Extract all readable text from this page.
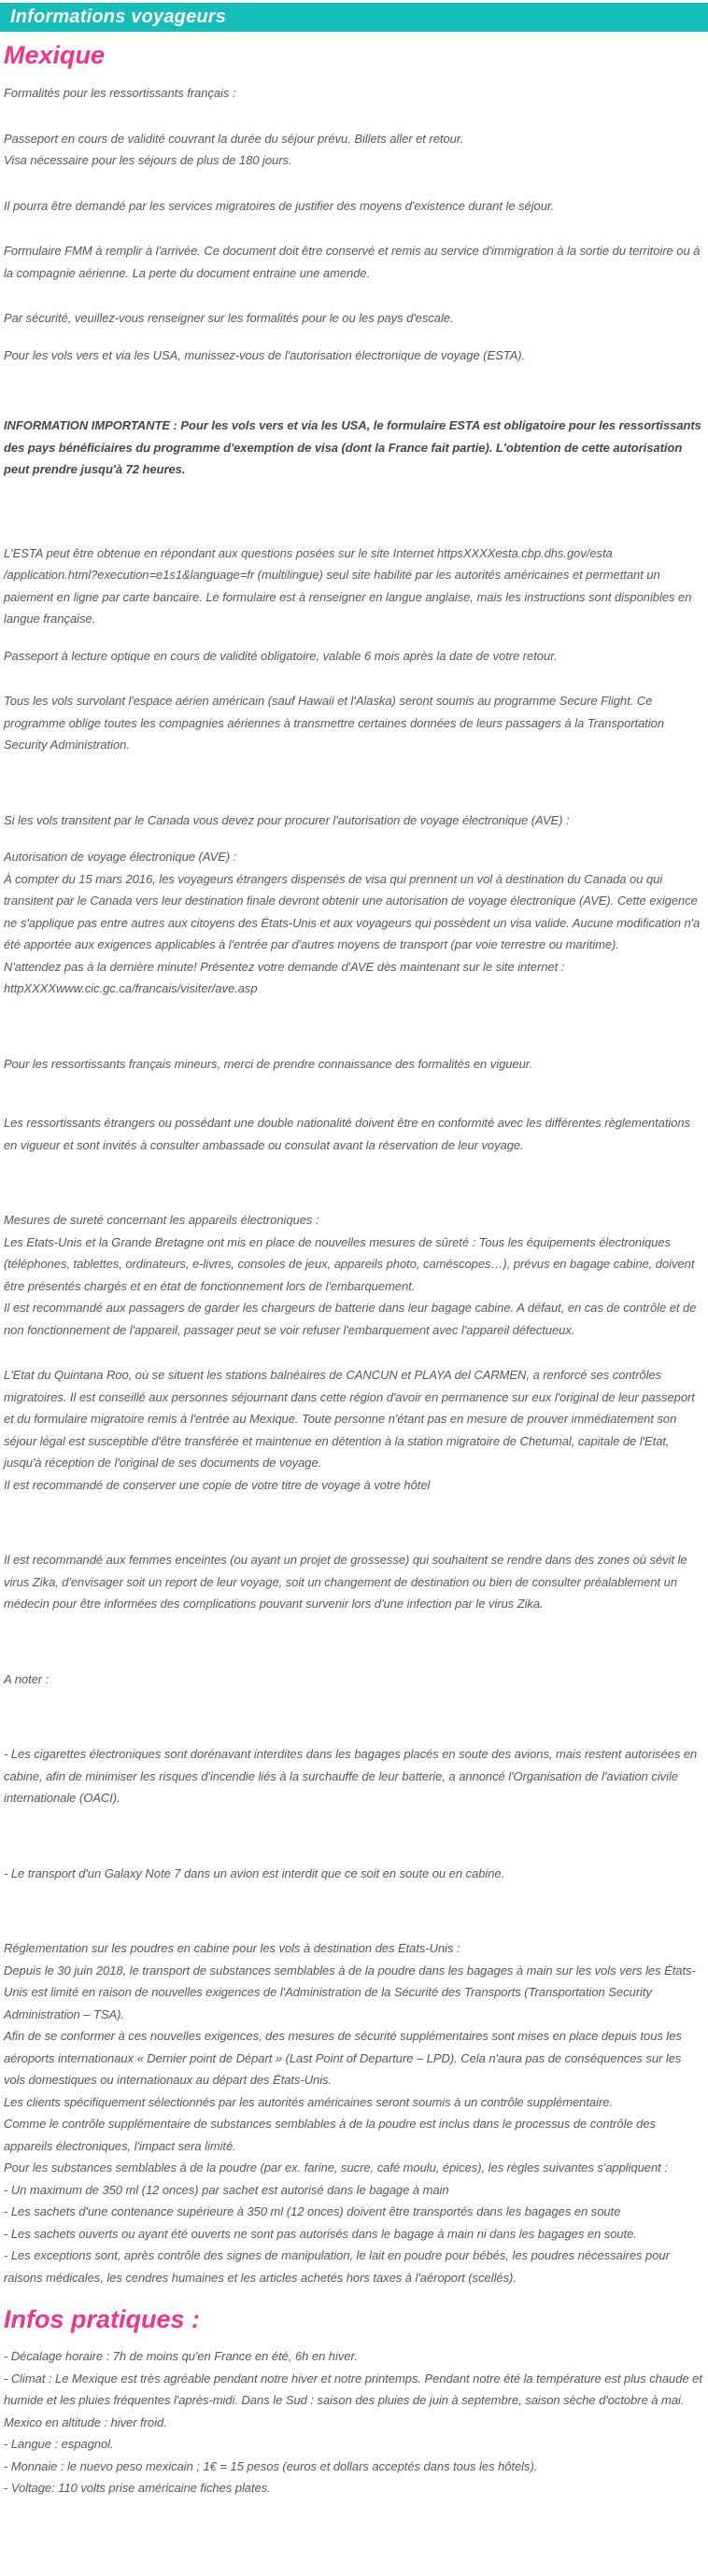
Informations voyageurs
Mexique

Formalités pour les ressortissants français :

Passeport en cours de validité couvrant la durée du séjour prévu. Billets aller et retour.

Visa nécessaire pour les séjours de plus de 180 jours.

Il pourra être demandé par les services migratoires de justifier des moyens d'existence durant le séjour.

Formulaire FMM à remplir à l'arrivée. Ce document doit être conservé et remis au service d'immigration à la sortie du territoire ou à la compagnie aérienne. La perte du document entraine une amende.

Par sécurité, veuillez-vous renseigner sur les formalités pour le ou les pays d'escale.

Pour les vols vers et via les USA, munissez-vous de l'autorisation électronique de voyage (ESTA).

INFORMATION IMPORTANTE : Pour les vols vers et via les USA, le formulaire ESTA est obligatoire pour les ressortissants des pays bénéficiaires du programme d'exemption de visa (dont la France fait partie). L'obtention de cette autorisation peut prendre jusqu'à 72 heures.

L'ESTA peut être obtenue en répondant aux questions posées sur le site Internet httpsXXXXesta.cbp.dhs.gov/esta /application.html?execution=e1s1&language=fr (multilingue) seul site habilité par les autorités américaines et permettant un paiement en ligne par carte bancaire. Le formulaire est à renseigner en langue anglaise, mais les instructions sont disponibles en langue française.

Passeport à lecture optique en cours de validité obligatoire, valable 6 mois après la date de votre retour.

Tous les vols survolant l'espace aérien américain (sauf Hawaii et l'Alaska) seront soumis au programme Secure Flight. Ce programme oblige toutes les compagnies aériennes à transmettre certaines données de leurs passagers à la Transportation Security Administration.

Si les vols transitent par le Canada vous devez pour procurer l'autorisation de voyage électronique (AVE) :

Autorisation de voyage électronique (AVE) :

À compter du 15 mars 2016, les voyageurs étrangers dispensés de visa qui prennent un vol à destination du Canada ou qui transitent par le Canada vers leur destination finale devront obtenir une autorisation de voyage électronique (AVE). Cette exigence ne s'applique pas entre autres aux citoyens des États-Unis et aux voyageurs qui possèdent un visa valide. Aucune modification n'a été apportée aux exigences applicables à l'entrée par d'autres moyens de transport (par voie terrestre ou maritime).

N'attendez pas à la dernière minute! Présentez votre demande d'AVE dès maintenant sur le site internet :

httpXXXXwww.cic.gc.ca/francais/visiter/ave.asp

Pour les ressortissants français mineurs, merci de prendre connaissance des formalités en vigueur.

Les ressortissants étrangers ou possédant une double nationalité doivent être en conformité avec les différentes règlementations en vigueur et sont invités à consulter ambassade ou consulat avant la réservation de leur voyage.

Mesures de sureté concernant les appareils électroniques :

Les Etats-Unis et la Grande Bretagne ont mis en place de nouvelles mesures de sûreté : Tous les équipements électroniques (téléphones, tablettes, ordinateurs, e-livres, consoles de jeux, appareils photo, caméscopes…), prévus en bagage cabine, doivent être présentés chargés et en état de fonctionnement lors de l'embarquement.

Il est recommandé aux passagers de garder les chargeurs de batterie dans leur bagage cabine. A défaut, en cas de contrôle et de non fonctionnement de l'appareil, passager peut se voir refuser l'embarquement avec l'appareil défectueux.

L'Etat du Quintana Roo, où se situent les stations balnéaires de CANCUN et PLAYA del CARMEN, a renforcé ses contrôles migratoires. Il est conseillé aux personnes séjournant dans cette région d'avoir en permanence sur eux l'original de leur passeport et du formulaire migratoire remis à l'entrée au Mexique. Toute personne n'étant pas en mesure de prouver immédiatement son séjour légal est susceptible d'être transférée et maintenue en détention à la station migratoire de Chetumal, capitale de l'Etat, jusqu'à réception de l'original de ses documents de voyage.

Il est recommandé de conserver une copie de votre titre de voyage à votre hôtel

Il est recommandé aux femmes enceintes (ou ayant un projet de grossesse) qui souhaitent se rendre dans des zones où sévit le virus Zika, d'envisager soit un report de leur voyage, soit un changement de destination ou bien de consulter préalablement un médecin pour être informées des complications pouvant survenir lors d'une infection par le virus Zika.

A noter :

- Les cigarettes électroniques sont dorénavant interdites dans les bagages placés en soute des avions, mais restent autorisées en cabine, afin de minimiser les risques d'incendie liés à la surchauffe de leur batterie, a annoncé l'Organisation de l'aviation civile internationale (OACI).

- Le transport d'un Galaxy Note 7 dans un avion est interdit que ce soit en soute ou en cabine.

Réglementation sur les poudres en cabine pour les vols à destination des Etats-Unis :

Depuis le 30 juin 2018, le transport de substances semblables à de la poudre dans les bagages à main sur les vols vers les États-Unis est limité en raison de nouvelles exigences de l'Administration de la Sécurité des Transports (Transportation Security Administration – TSA).

Afin de se conformer à ces nouvelles exigences, des mesures de sécurité supplémentaires sont mises en place depuis tous les aéroports internationaux « Dernier point de Départ » (Last Point of Departure – LPD). Cela n'aura pas de conséquences sur les vols domestiques ou internationaux au départ des États-Unis.

Les clients spécifiquement sélectionnés par les autorités américaines seront soumis à un contrôle supplémentaire.

Comme le contrôle supplémentaire de substances semblables à de la poudre est inclus dans le processus de contrôle des appareils électroniques, l'impact sera limité.

Pour les substances semblables à de la poudre (par ex. farine, sucre, café moulu, épices), les règles suivantes s'appliquent :

- Un maximum de 350 ml (12 onces) par sachet est autorisé dans le bagage à main

- Les sachets d'une contenance supérieure à 350 ml (12 onces) doivent être transportés dans les bagages en soute

- Les sachets ouverts ou ayant été ouverts ne sont pas autorisés dans le bagage à main ni dans les bagages en soute.

- Les exceptions sont, après contrôle des signes de manipulation, le lait en poudre pour bébés, les poudres nécessaires pour raisons médicales, les cendres humaines et les articles achetés hors taxes à l'aéroport (scellés).

Infos pratiques :

- Décalage horaire : 7h de moins qu'en France en été, 6h en hiver.

- Climat : Le Mexique est très agréable pendant notre hiver et notre printemps. Pendant notre été la température est plus chaude et humide et les pluies fréquentes l'après-midi. Dans le Sud : saison des pluies de juin à septembre, saison sèche d'octobre à mai. Mexico en altitude : hiver froid.

- Langue : espagnol.

- Monnaie : le nuevo peso mexicain ; 1€ = 15 pesos (euros et dollars acceptés dans tous les hôtels).

- Voltage: 110 volts prise américaine fiches plates.
